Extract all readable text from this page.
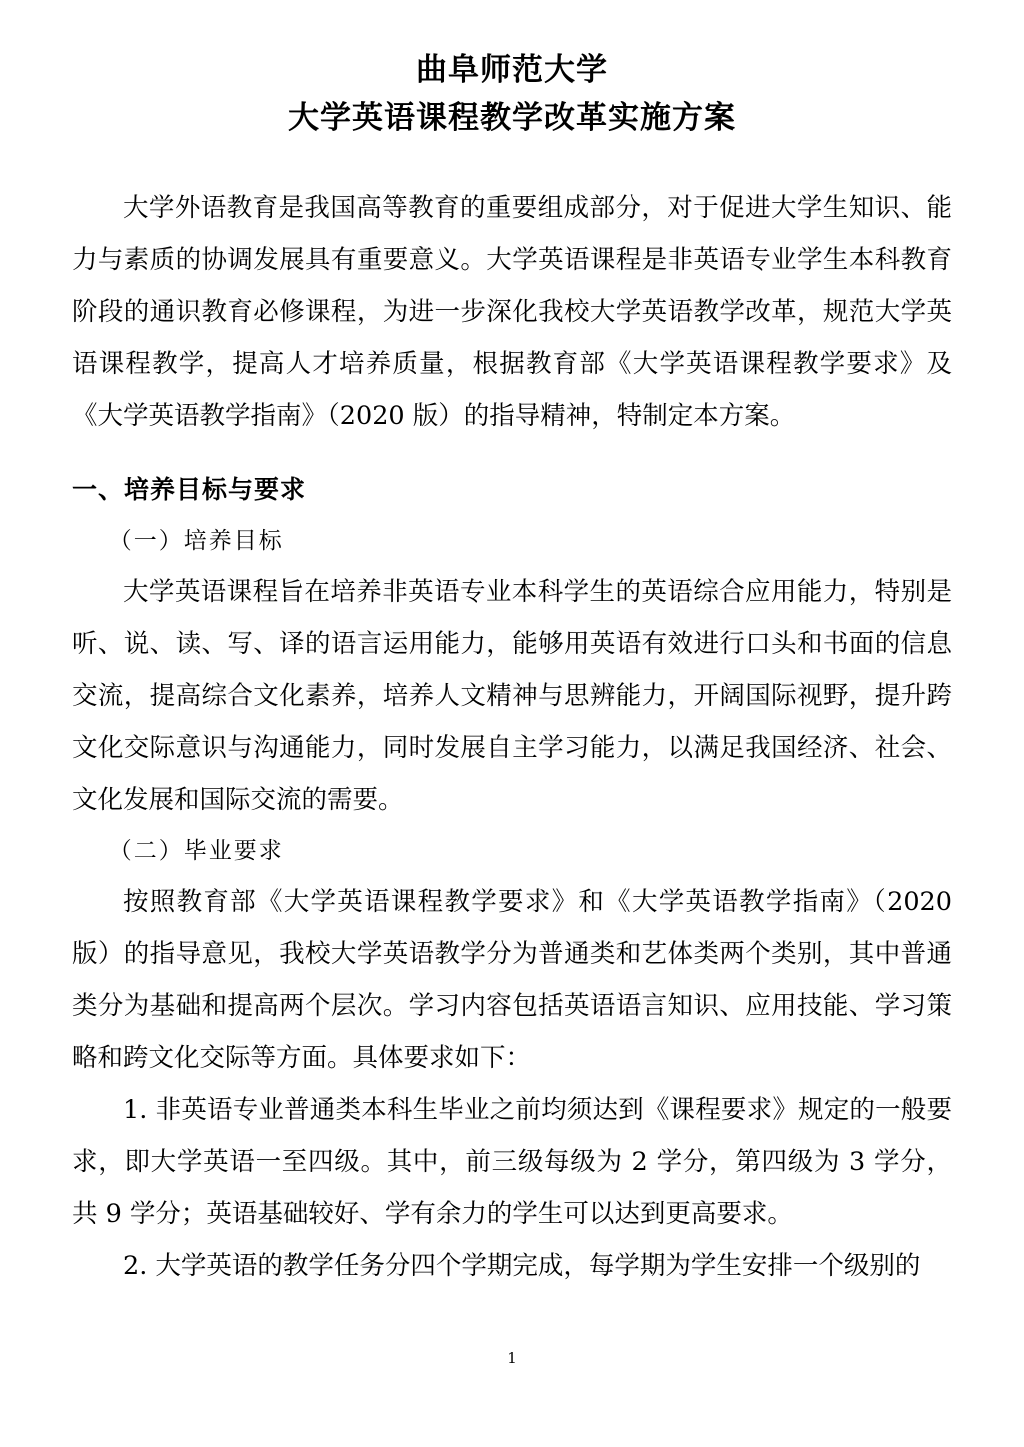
曲阜师范大学
大学英语课程教学改革实施方案

大学外语教育是我国高等教育的重要组成部分，对于促进大学生知识、能力与素质的协调发展具有重要意义。大学英语课程是非英语专业学生本科教育阶段的通识教育必修课程，为进一步深化我校大学英语教学改革，规范大学英语课程教学，提高人才培养质量，根据教育部《大学英语课程教学要求》及《大学英语教学指南》（2020 版）的指导精神，特制定本方案。

一、培养目标与要求
（一）培养目标

大学英语课程旨在培养非英语专业本科学生的英语综合应用能力，特别是听、说、读、写、译的语言运用能力，能够用英语有效进行口头和书面的信息交流，提高综合文化素养，培养人文精神与思辨能力，开阔国际视野，提升跨文化交际意识与沟通能力，同时发展自主学习能力，以满足我国经济、社会、文化发展和国际交流的需要。

（二）毕业要求

按照教育部《大学英语课程教学要求》和《大学英语教学指南》（2020 版）的指导意见，我校大学英语教学分为普通类和艺体类两个类别，其中普通类分为基础和提高两个层次。学习内容包括英语语言知识、应用技能、学习策略和跨文化交际等方面。具体要求如下：

1. 非英语专业普通类本科生毕业之前均须达到《课程要求》规定的一般要求，即大学英语一至四级。其中，前三级每级为 2 学分，第四级为 3 学分，共 9 学分；英语基础较好、学有余力的学生可以达到更高要求。

2. 大学英语的教学任务分四个学期完成，每学期为学生安排一个级别的

1
